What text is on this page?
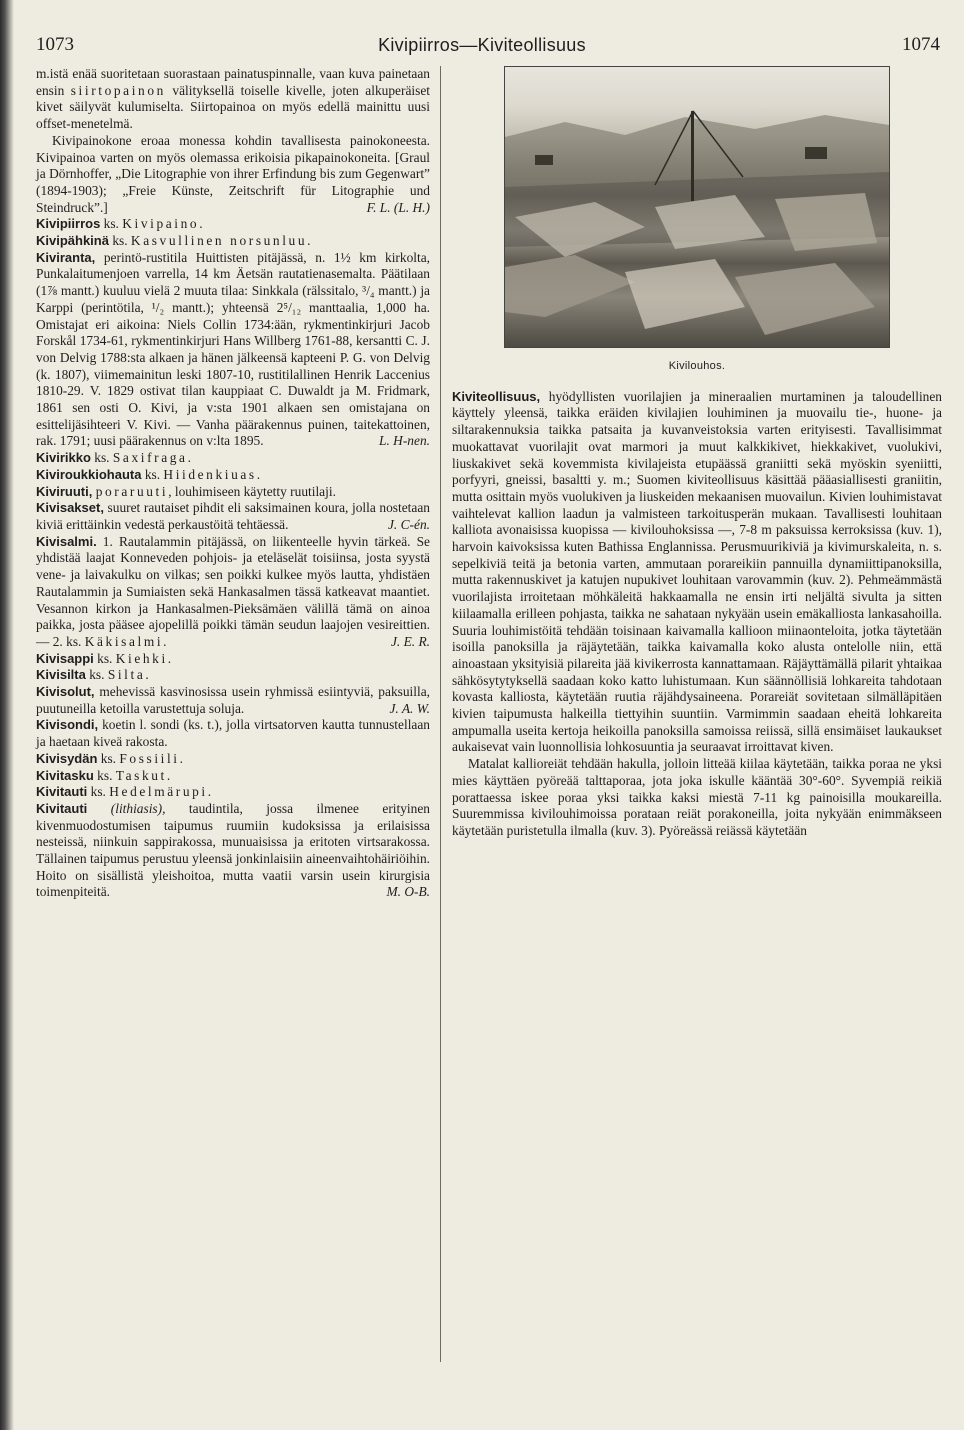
1073	Kivipiirros—Kiviteollisuus	1074

m.istä enää suoritetaan suorastaan painatuspinnalle, vaan kuva painetaan ensin siirtopainon välityksellä toiselle kivelle, joten alkuperäiset kivet säilyvät kulumiselta. Siirtopainoa on myös edellä mainittu uusi offset-menetelmä.

Kivipainokone eroaa monessa kohdin tavallisesta painokoneesta. Kivipainoa varten on myös olemassa erikoisia pikapainokoneita. [Graul ja Dörnhoffer, „Die Litographie von ihrer Erfindung bis zum Gegenwart” (1894-1903); „Freie Künste, Zeitschrift für Litographie und Steindruck”.]	F. L. (L. H.)

Kivipiirros ks. Kivipaino.

Kivipähkinä ks. Kasvullinen norsunluu.

Kiviranta, perintö-rustitila Huittisten pitäjässä, n. 1½ km kirkolta, Punkalaitumenjoen varrella, 14 km Äetsän rautatienasemalta. Päätilaan (1⅞ mantt.) kuuluu vielä 2 muuta tilaa: Sinkkala (rälssitalo, ³/₄ mantt.) ja Karppi (perintötila, ¹/₂ mantt.); yhteensä 2⁵/₁₂ manttaalia, 1,000 ha. Omistajat eri aikoina: Niels Collin 1734:ään, rykmentinkirjuri Jacob Forskål 1734-61, rykmentinkirjuri Hans Willberg 1761-88, kersantti C. J. von Delvig 1788:sta alkaen ja hänen jälkeensä kapteeni P. G. von Delvig (k. 1807), viimemainitun leski 1807-10, rustitilallinen Henrik Laccenius 1810-29. V. 1829 ostivat tilan kauppiaat C. Duwaldt ja M. Fridmark, 1861 sen osti O. Kivi, ja v:sta 1901 alkaen sen omistajana on esittelijäsihteeri V. Kivi. — Vanha päärakennus puinen, taitekattoinen, rak. 1791; uusi päärakennus on v:lta 1895.	L. H-nen.

Kivirikko ks. Saxifraga.

Kiviroukkiohauta ks. Hiidenkiuas.

Kiviruuti, poraruuti, louhimiseen käytetty ruutilaji.

Kivisakset, suuret rautaiset pihdit eli saksimainen koura, jolla nostetaan kiviä erittäinkin vedestä perkaustöitä tehtäessä.	J. C-én.

Kivisalmi. 1. Rautalammin pitäjässä, on liikenteelle hyvin tärkeä. Se yhdistää laajat Konneveden pohjois- ja eteläselät toisiinsa, josta syystä vene- ja laivakulku on vilkas; sen poikki kulkee myös lautta, yhdistäen Rautalammin ja Sumiaisten sekä Hankasalmen tässä katkeavat maantiet. Vesannon kirkon ja Hankasalmen-Pieksämäen välillä tämä on ainoa paikka, josta pääsee ajopelillä poikki tämän seudun laajojen vesireittien. — 2. ks. Käkisalmi.	J. E. R.

Kivisappi ks. Kiehki.

Kivisilta ks. Silta.

Kivisolut, mehevissä kasvinosissa usein ryhmissä esiintyviä, paksuilla, puutuneilla ketoilla varustettuja soluja.	J. A. W.

Kivisondi, koetin l. sondi (ks. t.), jolla virtsatorven kautta tunnustellaan ja haetaan kiveä rakosta.

Kivisydän ks. Fossiili.

Kivitasku ks. Taskut.

Kivitauti ks. Hedelmärupi.

Kivitauti (lithiasis), taudintila, jossa ilmenee erityinen kivenmuodostumisen taipumus ruumiin kudoksissa ja erilaisissa nesteissä, niinkuin sappirakossa, munuaisissa ja eritoten virtsarakossa. Tällainen taipumus perustuu yleensä jonkinlaisiin aineenvaihtohäiriöihin. Hoito on sisällistä yleishoitoa, mutta vaatii varsin usein kirurgisia toimenpiteitä.	M. O-B.

Kivilouhos.

Kiviteollisuus, hyödyllisten vuorilajien ja mineraalien murtaminen ja taloudellinen käyttely yleensä, taikka eräiden kivilajien louhiminen ja muovailu tie-, huone- ja siltarakennuksia taikka patsaita ja kuvanveistoksia varten erityisesti. Tavallisimmat muokattavat vuorilajit ovat marmori ja muut kalkkikivet, hiekkakivet, vuolukivi, liuskakivet sekä kovemmista kivilajeista etupäässä graniitti sekä myöskin syeniitti, porfyyri, gneissi, basaltti y. m.; Suomen kiviteollisuus käsittää pääasiallisesti graniitin, mutta osittain myös vuolukiven ja liuskeiden mekaanisen muovailun. Kivien louhimistavat vaihtelevat kallion laadun ja valmisteen tarkoitusperän mukaan. Tavallisesti louhitaan kalliota avonaisissa kuopissa — kivilouhoksissa —, 7-8 m paksuissa kerroksissa (kuv. 1), harvoin kaivoksissa kuten Bathissa Englannissa. Perusmuurikiviä ja kivimurskaleita, n. s. sepelkiviä teitä ja betonia varten, ammutaan porareikiin pannuilla dynamiittipanoksilla, mutta rakennuskivet ja katujen nupukivet louhitaan varovammin (kuv. 2). Pehmeämmästä vuorilajista irroitetaan möhkäleitä hakkaamalla ne ensin irti neljältä sivulta ja sitten kiilaamalla erilleen pohjasta, taikka ne sahataan nykyään usein emäkalliosta lankasahoilla. Suuria louhimistöitä tehdään toisinaan kaivamalla kallioon miinaonteloita, jotka täytetään isoilla panoksilla ja räjäytetään, taikka kaivamalla koko alusta ontelolle niin, että ainoastaan yksityisiä pilareita jää kivikerrosta kannattamaan. Räjäyttämällä pilarit yhtaikaa sähkösytytyksellä saadaan koko katto luhistumaan. Kun säännöllisiä lohkareita tahdotaan kovasta kalliosta, käytetään ruutia räjähdysaineena. Porareiät sovitetaan silmälläpitäen kivien taipumusta halkeilla tiettyihin suuntiin. Varmimmin saadaan eheitä lohkareita ampumalla useita kertoja heikoilla panoksilla samoissa reiissä, sillä ensimäiset laukaukset aukaisevat vain luonnollisia lohkosuuntia ja seuraavat irroittavat kiven.

Matalat kallioreiät tehdään hakulla, jolloin litteää kiilaa käytetään, taikka poraa ne yksi mies käyttäen pyöreää talttaporaa, jota joka iskulle kääntää 30°-60°. Syvempiä reikiä porattaessa iskee poraa yksi taikka kaksi miestä 7-11 kg painoisilla moukareilla. Suuremmissa kivilouhimoissa porataan reiät porakoneilla, joita nykyään enimmäkseen käytetään puristetulla ilmalla (kuv. 3). Pyöreässä reiässä käytetään
